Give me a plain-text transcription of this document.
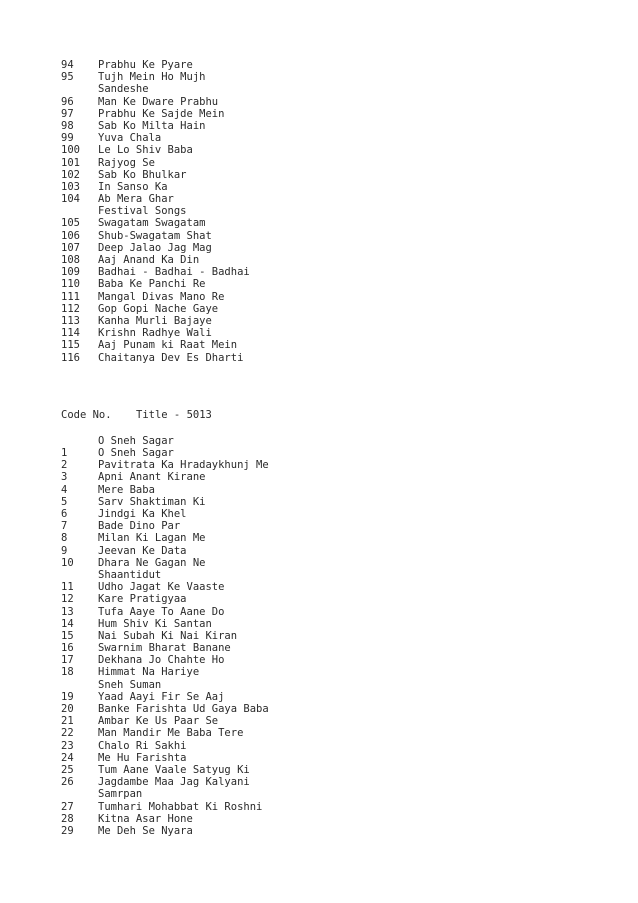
94 Prabhu Ke Pyare
95 Tujh Mein Ho Mujh
Sandeshe
96 Man Ke Dware Prabhu
97 Prabhu Ke Sajde Mein
98 Sab Ko Milta Hain
99 Yuva Chala
100 Le Lo Shiv Baba
101 Rajyog Se
102 Sab Ko Bhulkar
103 In Sanso Ka
104 Ab Mera Ghar
Festival Songs
105 Swagatam Swagatam
106 Shub-Swagatam Shat
107 Deep Jalao Jag Mag
108 Aaj Anand Ka Din
109 Badhai - Badhai - Badhai
110 Baba Ke Panchi Re
111 Mangal Divas Mano Re
112 Gop Gopi Nache Gaye
113 Kanha Murli Bajaye
114 Krishn Radhye Wali
115 Aaj Punam ki Raat Mein
116 Chaitanya Dev Es Dharti
Code No. Title - 5013
O Sneh Sagar
1	O Sneh Sagar
2	Pavitrata Ka Hradaykhunj Me
3	Apni Anant Kirane
4	Mere Baba
5	Sarv Shaktiman Ki
6	Jindgi Ka Khel
7	Bade Dino Par
8	Milan Ki Lagan Me
9	Jeevan Ke Data
10 Dhara Ne Gagan Ne
Shaantidut
11 Udho Jagat Ke Vaaste
12 Kare Pratigyaa
13 Tufa Aaye To Aane Do
14 Hum Shiv Ki Santan
15 Nai Subah Ki Nai Kiran
16 Swarnim Bharat Banane
17 Dekhana Jo Chahte Ho
18 Himmat Na Hariye
Sneh Suman
19 Yaad Aayi Fir Se Aaj
20 Banke Farishta Ud Gaya Baba
21 Ambar Ke Us Paar Se
22 Man Mandir Me Baba Tere
23 Chalo Ri Sakhi
24 Me Hu Farishta
25 Tum Aane Vaale Satyug Ki
26 Jagdambe Maa Jag Kalyani
Samrpan
27 Tumhari Mohabbat Ki Roshni
28 Kitna Asar Hone
29 Me Deh Se Nyara
